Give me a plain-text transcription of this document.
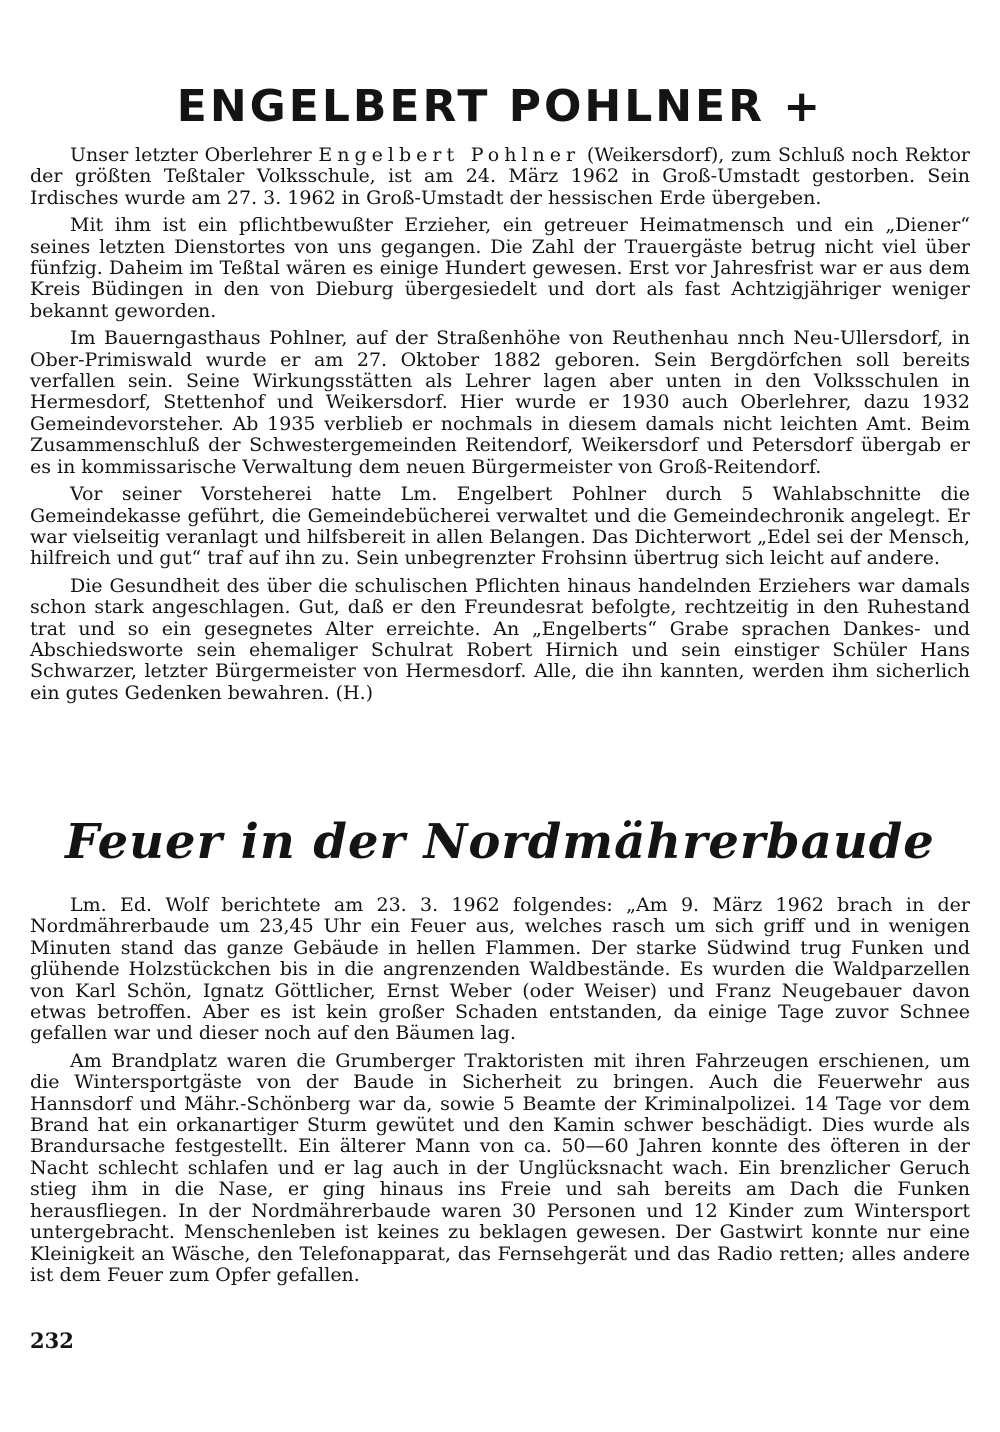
ENGELBERT POHLNER +

Unser letzter Oberlehrer Engelbert Pohlner (Weikersdorf), zum Schluß noch Rektor der größten Teßtaler Volksschule, ist am 24. März 1962 in Groß-Umstadt gestorben. Sein Irdisches wurde am 27. 3. 1962 in Groß-Umstadt der hessischen Erde übergeben.

Mit ihm ist ein pflichtbewußter Erzieher, ein getreuer Heimatmensch und ein „Diener“ seines letzten Dienstortes von uns gegangen. Die Zahl der Trauergäste betrug nicht viel über fünfzig. Daheim im Teßtal wären es einige Hundert gewesen. Erst vor Jahresfrist war er aus dem Kreis Büdingen in den von Dieburg übergesiedelt und dort als fast Achtzigjähriger weniger bekannt geworden.

Im Bauerngasthaus Pohlner, auf der Straßenhöhe von Reuthenhau nnch Neu-Ullersdorf, in Ober-Primiswald wurde er am 27. Oktober 1882 geboren. Sein Bergdörfchen soll bereits verfallen sein. Seine Wirkungsstätten als Lehrer lagen aber unten in den Volksschulen in Hermesdorf, Stettenhof und Weikersdorf. Hier wurde er 1930 auch Oberlehrer, dazu 1932 Gemeindevorsteher. Ab 1935 verblieb er nochmals in diesem damals nicht leichten Amt. Beim Zusammenschluß der Schwestergemeinden Reitendorf, Weikersdorf und Petersdorf übergab er es in kommissarische Verwaltung dem neuen Bürgermeister von Groß-Reitendorf.

Vor seiner Vorsteherei hatte Lm. Engelbert Pohlner durch 5 Wahlabschnitte die Gemeindekasse geführt, die Gemeindebücherei verwaltet und die Gemeindechronik angelegt. Er war vielseitig veranlagt und hilfsbereit in allen Belangen. Das Dichterwort „Edel sei der Mensch, hilfreich und gut“ traf auf ihn zu. Sein unbegrenzter Frohsinn übertrug sich leicht auf andere.

Die Gesundheit des über die schulischen Pflichten hinaus handelnden Erziehers war damals schon stark angeschlagen. Gut, daß er den Freundesrat befolgte, rechtzeitig in den Ruhestand trat und so ein gesegnetes Alter erreichte. An „Engelberts“ Grabe sprachen Dankes- und Abschiedsworte sein ehemaliger Schulrat Robert Hirnich und sein einstiger Schüler Hans Schwarzer, letzter Bürgermeister von Hermesdorf. Alle, die ihn kannten, werden ihm sicherlich ein gutes Gedenken bewahren. (H.)

Feuer in der Nordmährerbaude

Lm. Ed. Wolf berichtete am 23. 3. 1962 folgendes: „Am 9. März 1962 brach in der Nordmährerbaude um 23,45 Uhr ein Feuer aus, welches rasch um sich griff und in wenigen Minuten stand das ganze Gebäude in hellen Flammen. Der starke Südwind trug Funken und glühende Holzstückchen bis in die angrenzenden Waldbestände. Es wurden die Waldparzellen von Karl Schön, Ignatz Göttlicher, Ernst Weber (oder Weiser) und Franz Neugebauer davon etwas betroffen. Aber es ist kein großer Schaden entstanden, da einige Tage zuvor Schnee gefallen war und dieser noch auf den Bäumen lag.

Am Brandplatz waren die Grumberger Traktoristen mit ihren Fahrzeugen erschienen, um die Wintersportgäste von der Baude in Sicherheit zu bringen. Auch die Feuerwehr aus Hannsdorf und Mähr.-Schönberg war da, sowie 5 Beamte der Kriminalpolizei. 14 Tage vor dem Brand hat ein orkanartiger Sturm gewütet und den Kamin schwer beschädigt. Dies wurde als Brandursache festgestellt. Ein älterer Mann von ca. 50—60 Jahren konnte des öfteren in der Nacht schlecht schlafen und er lag auch in der Unglücksnacht wach. Ein brenzlicher Geruch stieg ihm in die Nase, er ging hinaus ins Freie und sah bereits am Dach die Funken herausfliegen. In der Nordmährerbaude waren 30 Personen und 12 Kinder zum Wintersport untergebracht. Menschenleben ist keines zu beklagen gewesen. Der Gastwirt konnte nur eine Kleinigkeit an Wäsche, den Telefonapparat, das Fernsehgerät und das Radio retten; alles andere ist dem Feuer zum Opfer gefallen.

232
